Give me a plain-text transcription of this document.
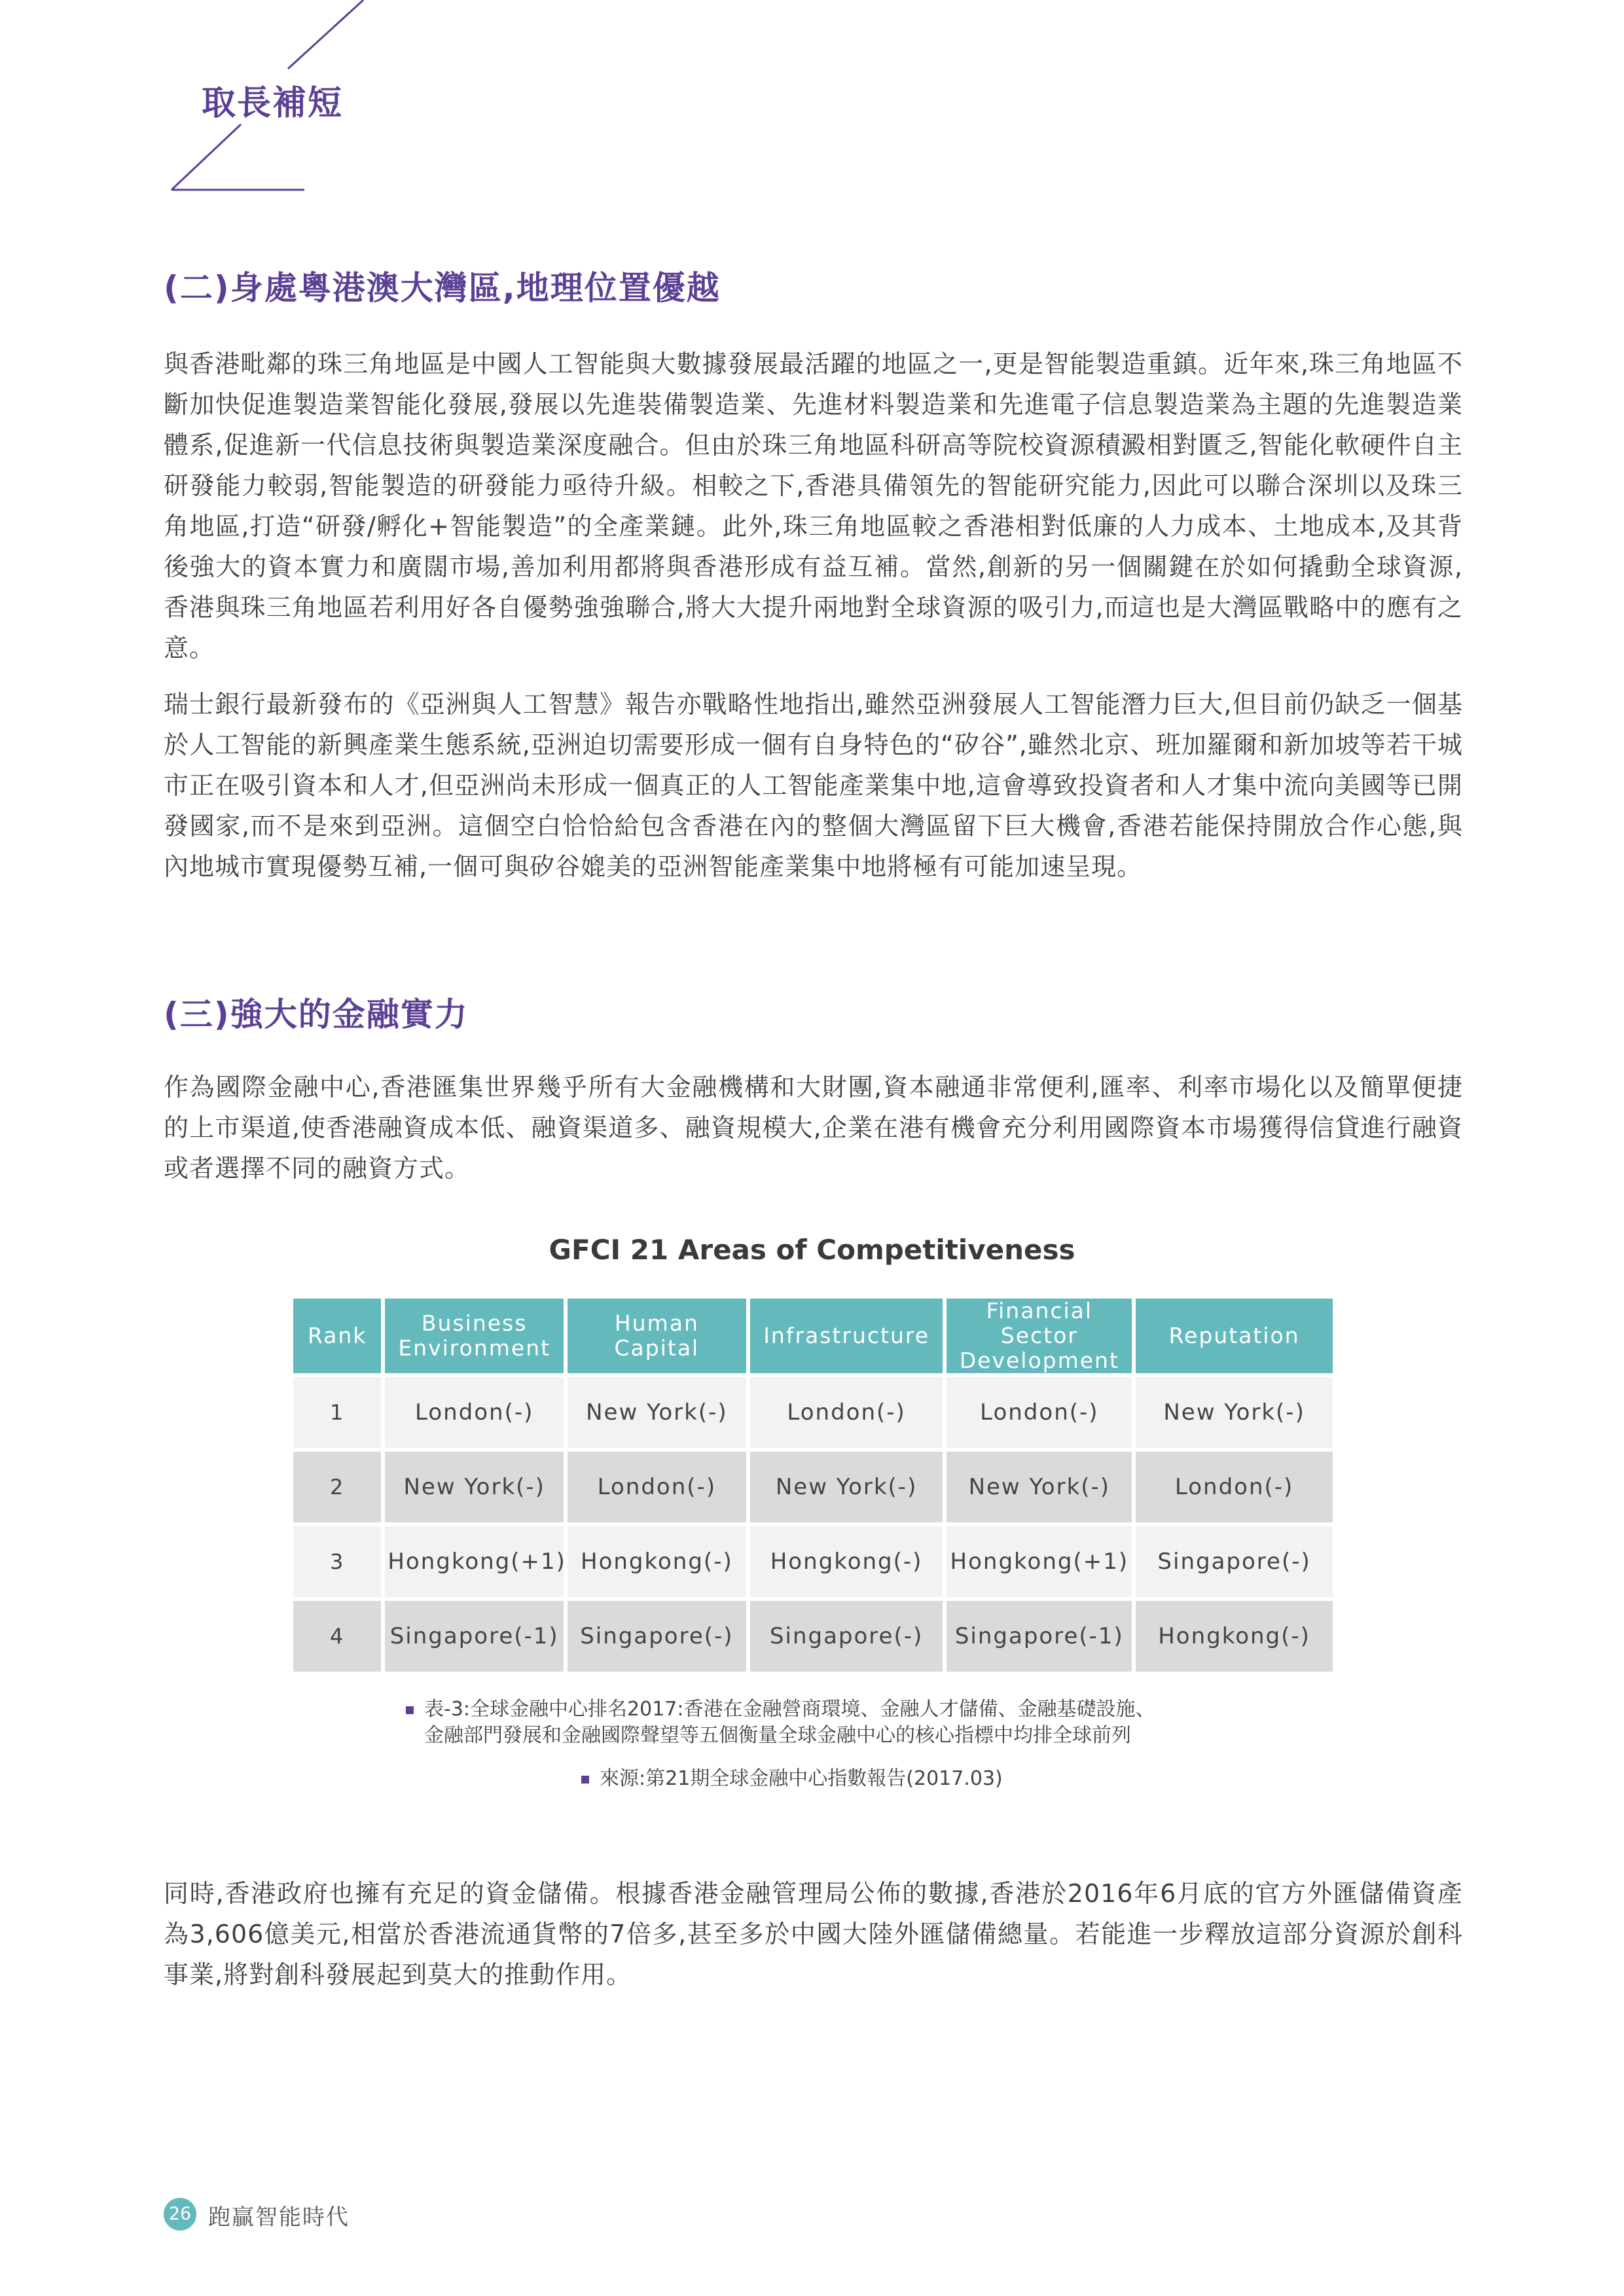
取長補短
(二)身處粵港澳大灣區,地理位置優越

與香港毗鄰的珠三角地區是中國人工智能與大數據發展最活躍的地區之一,更是智能製造重鎮。近年來,珠三角地區不斷加快促進製造業智能化發展,發展以先進裝備製造業、先進材料製造業和先進電子信息製造業為主題的先進製造業體系,促進新一代信息技術與製造業深度融合。但由於珠三角地區科研高等院校資源積澱相對匱乏,智能化軟硬件自主研發能力較弱,智能製造的研發能力亟待升級。相較之下,香港具備領先的智能研究能力,因此可以聯合深圳以及珠三角地區,打造“研發/孵化+智能製造”的全產業鏈。此外,珠三角地區較之香港相對低廉的人力成本、土地成本,及其背後強大的資本實力和廣闊市場,善加利用都將與香港形成有益互補。當然,創新的另一個關鍵在於如何撬動全球資源,香港與珠三角地區若利用好各自優勢強強聯合,將大大提升兩地對全球資源的吸引力,而這也是大灣區戰略中的應有之意。

瑞士銀行最新發布的《亞洲與人工智慧》報告亦戰略性地指出,雖然亞洲發展人工智能潛力巨大,但目前仍缺乏一個基於人工智能的新興產業生態系統,亞洲迫切需要形成一個有自身特色的“矽谷”,雖然北京、班加羅爾和新加坡等若干城市正在吸引資本和人才,但亞洲尚未形成一個真正的人工智能產業集中地,這會導致投資者和人才集中流向美國等已開發國家,而不是來到亞洲。這個空白恰恰給包含香港在內的整個大灣區留下巨大機會,香港若能保持開放合作心態,與內地城市實現優勢互補,一個可與矽谷媲美的亞洲智能產業集中地將極有可能加速呈現。

(三)強大的金融實力

作為國際金融中心,香港匯集世界幾乎所有大金融機構和大財團,資本融通非常便利,匯率、利率市場化以及簡單便捷的上市渠道,使香港融資成本低、融資渠道多、融資規模大,企業在港有機會充分利用國際資本市場獲得信貸進行融資或者選擇不同的融資方式。

GFCI 21 Areas of Competitiveness
Rank	Business Environment	Human Capital	Infrastructure	Financial Sector Development	Reputation
1	London(-)	New York(-)	London(-)	London(-)	New York(-)
2	New York(-)	London(-)	New York(-)	New York(-)	London(-)
3	Hongkong(+1)	Hongkong(-)	Hongkong(-)	Hongkong(+1)	Singapore(-)
4	Singapore(-1)	Singapore(-)	Singapore(-)	Singapore(-1)	Hongkong(-)
表-3:全球金融中心排名2017:香港在金融營商環境、金融人才儲備、金融基礎設施、
金融部門發展和金融國際聲望等五個衡量全球金融中心的核心指標中均排全球前列
來源:第21期全球金融中心指數報告(2017.03)

同時,香港政府也擁有充足的資金儲備。根據香港金融管理局公佈的數據,香港於2016年6月底的官方外匯儲備資產為3,606億美元,相當於香港流通貨幣的7倍多,甚至多於中國大陸外匯儲備總量。若能進一步釋放這部分資源於創科事業,將對創科發展起到莫大的推動作用。

26 跑贏智能時代
